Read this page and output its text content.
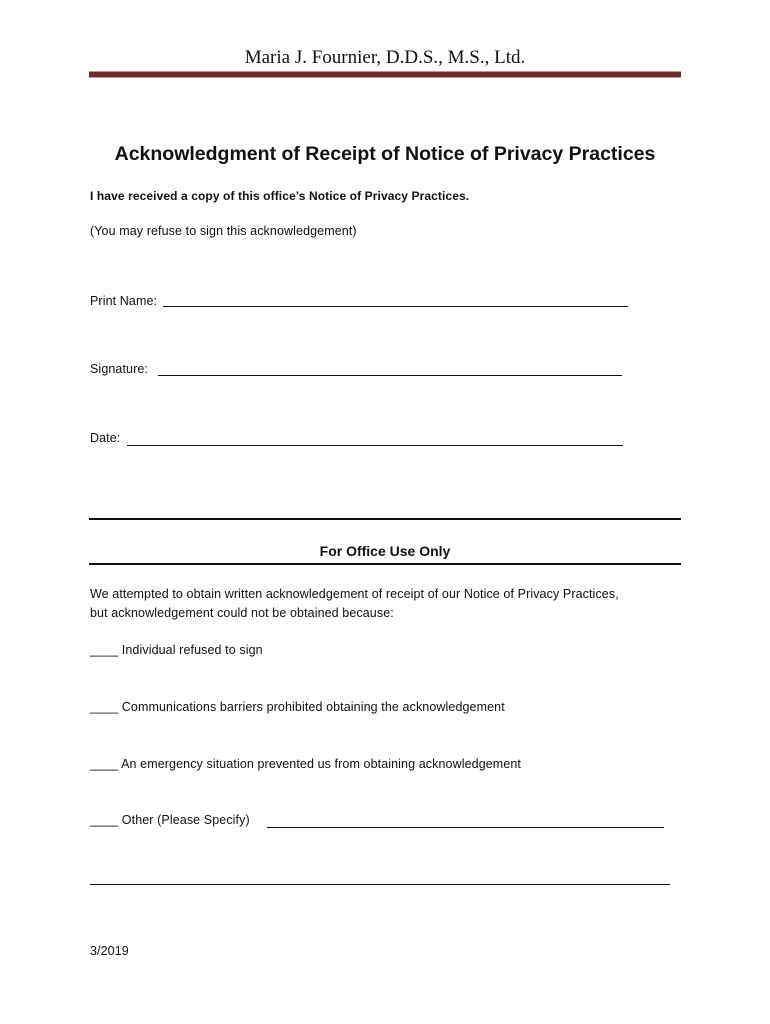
Maria J. Fournier, D.D.S., M.S., Ltd.
Acknowledgment of Receipt of Notice of Privacy Practices
I have received a copy of this office’s Notice of Privacy Practices.
(You may refuse to sign this acknowledgement)
Print Name:
Signature:
Date:
For Office Use Only
We attempted to obtain written acknowledgement of receipt of our Notice of Privacy Practices,
but acknowledgement could not be obtained because:
____ Individual refused to sign
____ Communications barriers prohibited obtaining the acknowledgement
____ An emergency situation prevented us from obtaining acknowledgement
____ Other (Please Specify)
3/2019
